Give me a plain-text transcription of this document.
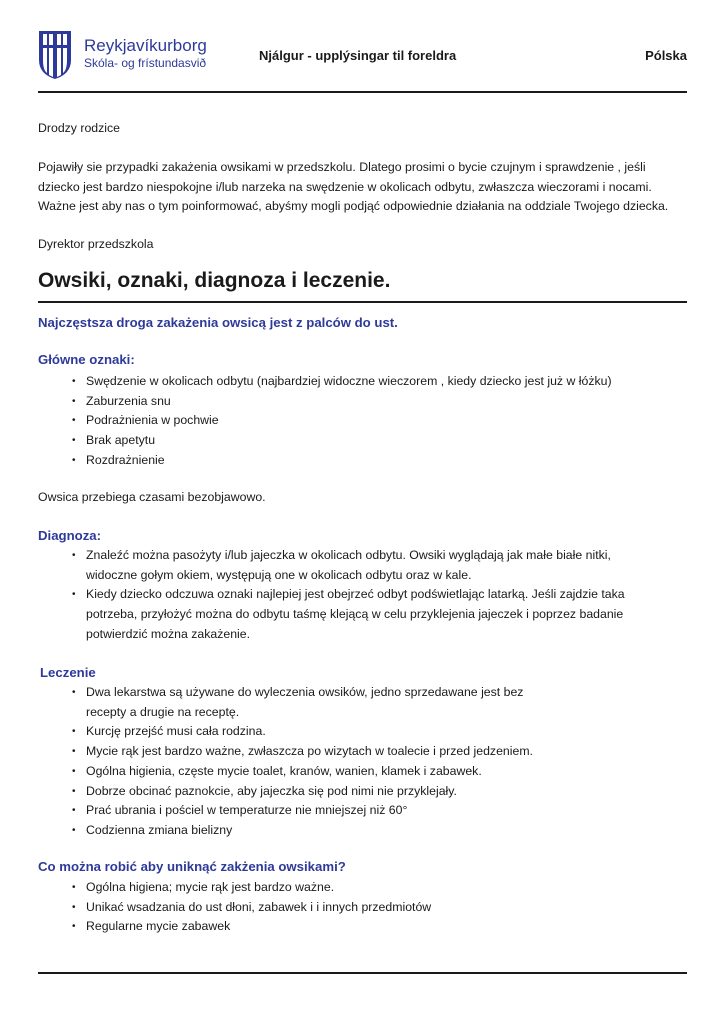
Reykjavíkurborg
Skóla- og frístundasvið	Njálgur - upplýsingar til foreldra	Pólska
Drodzy rodzice
Pojawiły sie przypadki zakażenia owsikami w przedszkolu. Dlatego prosimi o bycie czujnym i sprawdzenie , jeśli
dziecko jest bardzo niespokojne i/lub narzeka na swędzenie w okolicach odbytu, zwłaszcza wieczorami i nocami.
Ważne jest aby nas o tym poinformować, abyśmy mogli podjąć odpowiednie działania na oddziale Twojego dziecka.
Dyrektor przedszkola
Owsiki, oznaki, diagnoza i leczenie.
Najczęstsza droga zakażenia owsicą jest z palców do ust.
Główne oznaki:
• Swędzenie w okolicach odbytu (najbardziej widoczne wieczorem , kiedy dziecko jest już w łóżku)
• Zaburzenia snu
• Podrażnienia w pochwie
• Brak apetytu
• Rozdrażnienie
Owsica przebiega czasami bezobjawowo.
Diagnoza:
• Znaleźć można pasożyty i/lub jajeczka w okolicach odbytu. Owsiki wyglądają jak małe białe nitki,
widoczne gołym okiem, występują one w okolicach odbytu oraz w kale.
• Kiedy dziecko odczuwa oznaki najlepiej jest obejrzeć odbyt podświetlając latarką. Jeśli zajdzie taka
potrzeba, przyłożyć można do odbytu taśmę klejącą w celu przyklejenia jajeczek i poprzez badanie
potwierdzić można zakażenie.
Leczenie
• Dwa lekarstwa są używane do wyleczenia owsików, jedno sprzedawane jest bez
recepty a drugie na receptę.
• Kurcję przejść musi cała rodzina.
• Mycie rąk jest bardzo ważne, zwłaszcza po wizytach w toalecie i przed jedzeniem.
• Ogólna higienia, częste mycie toalet, kranów, wanien, klamek i zabawek.
• Dobrze obcinać paznokcie, aby jajeczka się pod nimi nie przyklejały.
• Prać ubrania i pościel w temperaturze nie mniejszej niż 60°
• Codzienna zmiana bielizny
Co można robić aby uniknąć zakżenia owsikami?
• Ogólna higiena; mycie rąk jest bardzo ważne.
• Unikać wsadzania do ust dłoni, zabawek i i innych przedmiotów
• Regularne mycie zabawek
